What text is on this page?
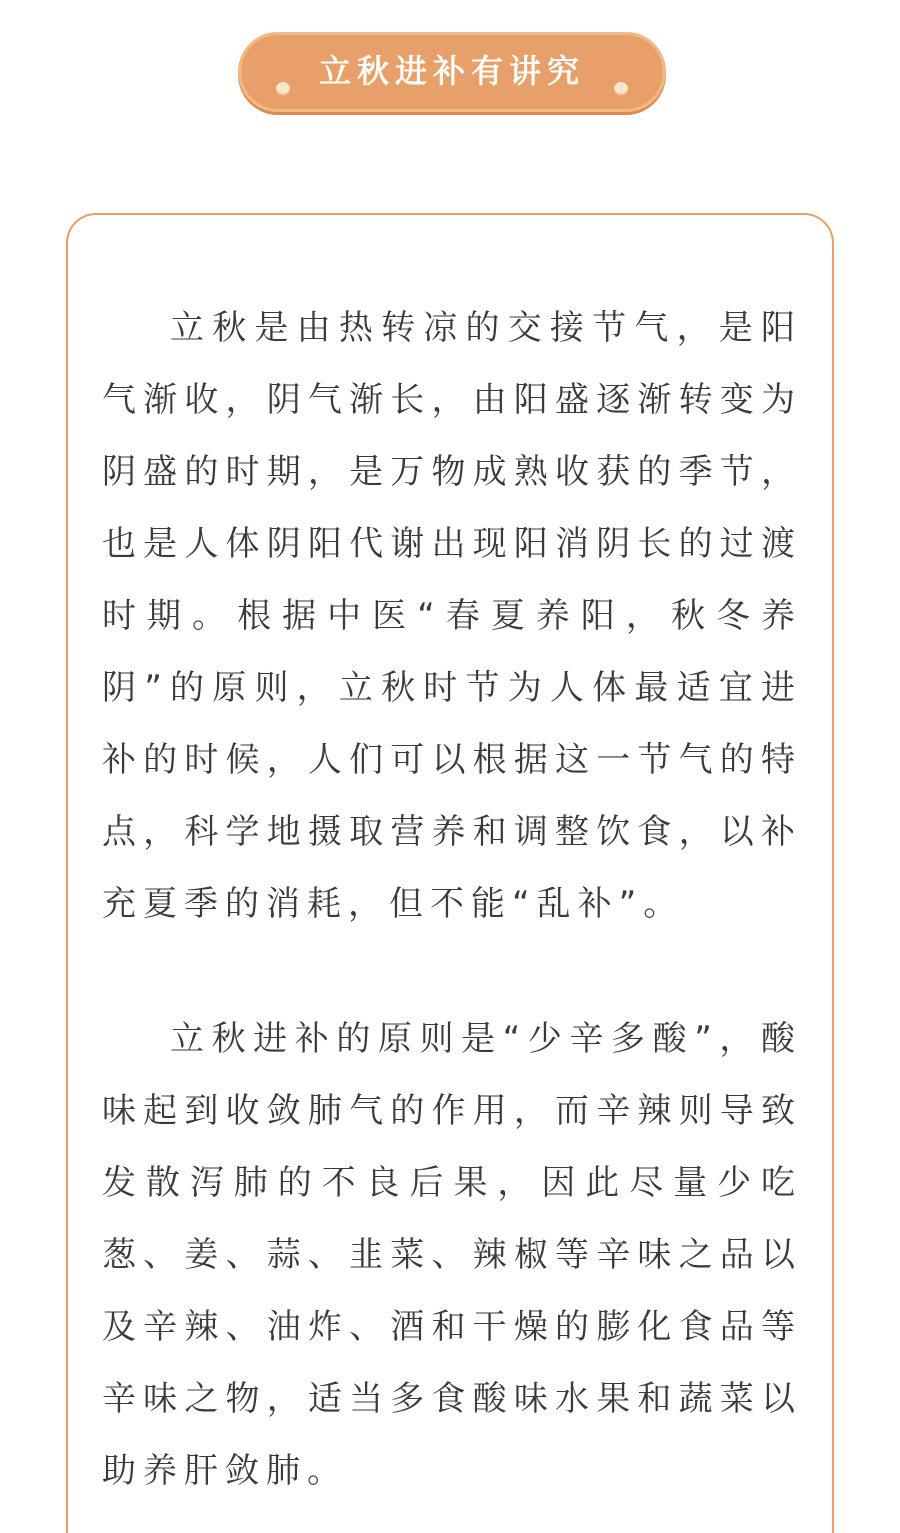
立秋进补有讲究

立秋是由热转凉的交接节气，是阳气渐收，阴气渐长，由阳盛逐渐转变为阴盛的时期，是万物成熟收获的季节，也是人体阴阳代谢出现阳消阴长的过渡时期。根据中医“春夏养阳，秋冬养阴”的原则，立秋时节为人体最适宜进补的时候，人们可以根据这一节气的特点，科学地摄取营养和调整饮食，以补充夏季的消耗，但不能“乱补”。

立秋进补的原则是“少辛多酸”，酸味起到收敛肺气的作用，而辛辣则导致发散泻肺的不良后果，因此尽量少吃葱、姜、蒜、韭菜、辣椒等辛味之品以及辛辣、油炸、酒和干燥的膨化食品等辛味之物，适当多食酸味水果和蔬菜以助养肝敛肺。
